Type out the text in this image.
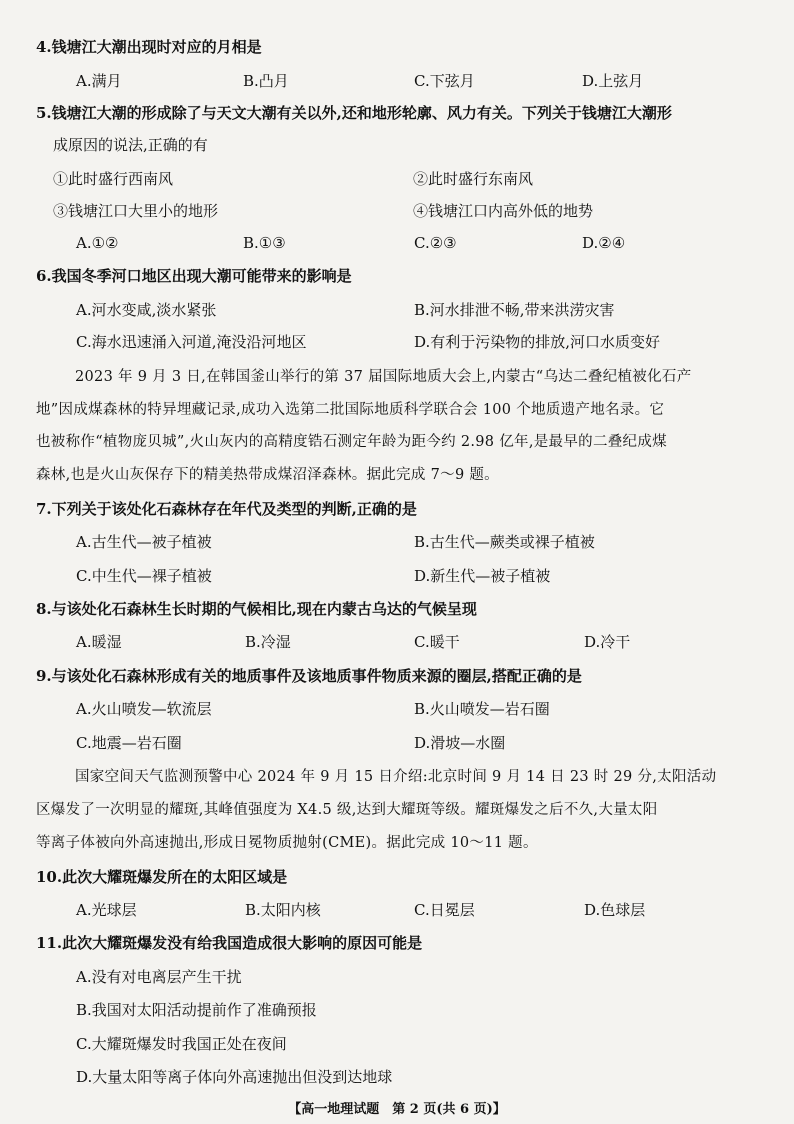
4.钱塘江大潮出现时对应的月相是
A.满月	B.凸月	C.下弦月	D.上弦月
5.钱塘江大潮的形成除了与天文大潮有关以外,还和地形轮廓、风力有关。下列关于钱塘江大潮形
成原因的说法,正确的有
①此时盛行西南风	②此时盛行东南风
③钱塘江口大里小的地形	④钱塘江口内高外低的地势
A.①②	B.①③	C.②③	D.②④
6.我国冬季河口地区出现大潮可能带来的影响是
A.河水变咸,淡水紧张	B.河水排泄不畅,带来洪涝灾害
C.海水迅速涌入河道,淹没沿河地区	D.有利于污染物的排放,河口水质变好
2023 年 9 月 3 日,在韩国釜山举行的第 37 届国际地质大会上,内蒙古“乌达二叠纪植被化石产
地”因成煤森林的特异埋藏记录,成功入选第二批国际地质科学联合会 100 个地质遗产地名录。它
也被称作“植物庞贝城”,火山灰内的高精度锆石测定年龄为距今约 2.98 亿年,是最早的二叠纪成煤
森林,也是火山灰保存下的精美热带成煤沼泽森林。据此完成 7～9 题。
7.下列关于该处化石森林存在年代及类型的判断,正确的是
A.古生代—被子植被	B.古生代—蕨类或裸子植被
C.中生代—裸子植被	D.新生代—被子植被
8.与该处化石森林生长时期的气候相比,现在内蒙古乌达的气候呈现
A.暖湿	B.冷湿	C.暖干	D.冷干
9.与该处化石森林形成有关的地质事件及该地质事件物质来源的圈层,搭配正确的是
A.火山喷发—软流层	B.火山喷发—岩石圈
C.地震—岩石圈	D.滑坡—水圈
国家空间天气监测预警中心 2024 年 9 月 15 日介绍:北京时间 9 月 14 日 23 时 29 分,太阳活动
区爆发了一次明显的耀斑,其峰值强度为 X4.5 级,达到大耀斑等级。耀斑爆发之后不久,大量太阳
等离子体被向外高速抛出,形成日冕物质抛射(CME)。据此完成 10～11 题。
10.此次大耀斑爆发所在的太阳区域是
A.光球层	B.太阳内核	C.日冕层	D.色球层
11.此次大耀斑爆发没有给我国造成很大影响的原因可能是
A.没有对电离层产生干扰
B.我国对太阳活动提前作了准确预报
C.大耀斑爆发时我国正处在夜间
D.大量太阳等离子体向外高速抛出但没到达地球
【高一地理试题　第 2 页(共 6 页)】
